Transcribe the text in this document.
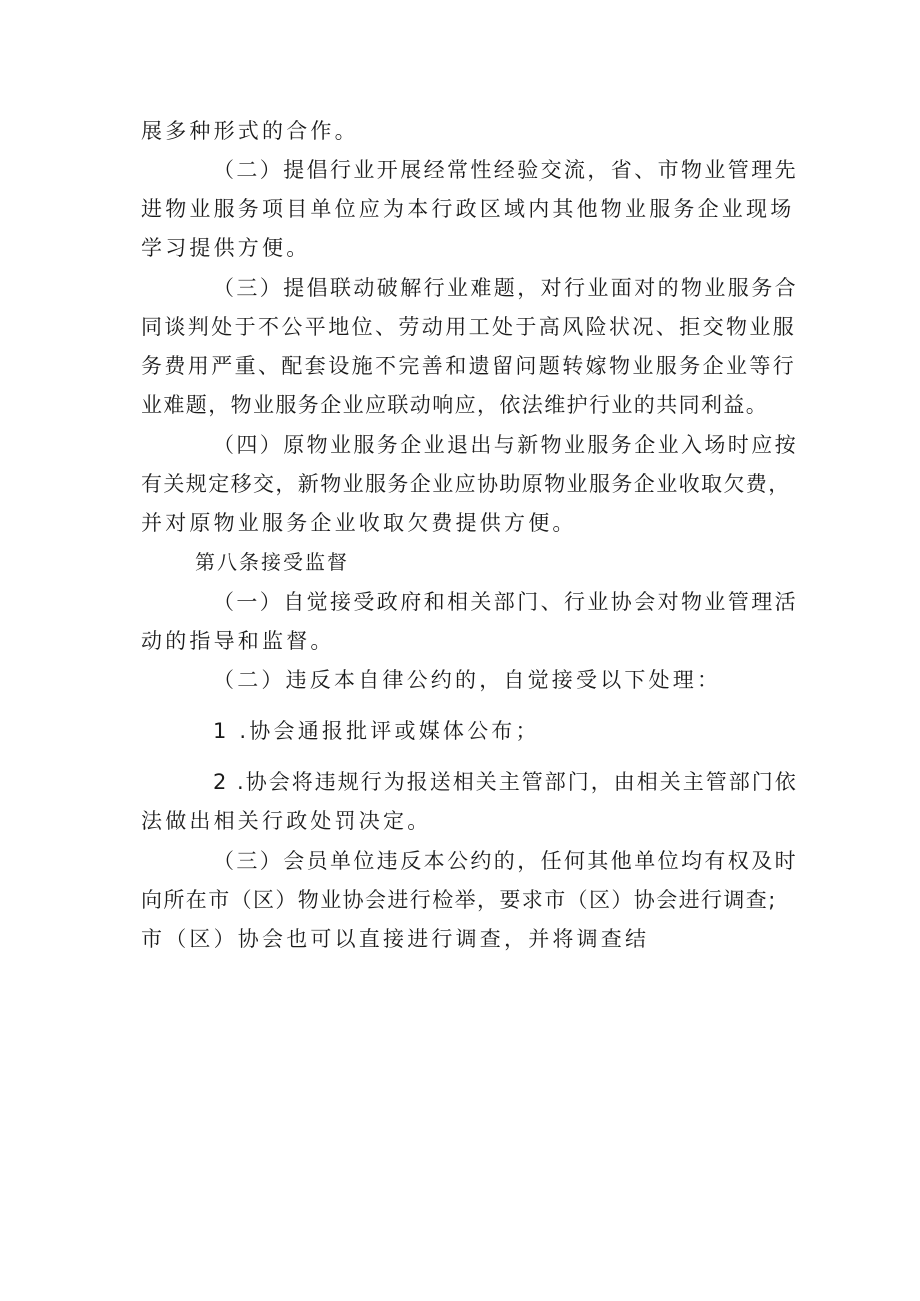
展多种形式的合作。
（二）提倡行业开展经常性经验交流，省、市物业管理先
进物业服务项目单位应为本行政区域内其他物业服务企业现场
学习提供方便。
（三）提倡联动破解行业难题，对行业面对的物业服务合
同谈判处于不公平地位、劳动用工处于高风险状况、拒交物业服
务费用严重、配套设施不完善和遗留问题转嫁物业服务企业等行
业难题，物业服务企业应联动响应，依法维护行业的共同利益。
（四）原物业服务企业退出与新物业服务企业入场时应按
有关规定移交，新物业服务企业应协助原物业服务企业收取欠费，
并对原物业服务企业收取欠费提供方便。
第八条接受监督
（一）自觉接受政府和相关部门、行业协会对物业管理活
动的指导和监督。
（二）违反本自律公约的，自觉接受以下处理：
1 .协会通报批评或媒体公布；
2 .协会将违规行为报送相关主管部门，由相关主管部门依
法做出相关行政处罚决定。
（三）会员单位违反本公约的，任何其他单位均有权及时
向所在市（区）物业协会进行检举，要求市（区）协会进行调查;
市（区）协会也可以直接进行调查，并将调查结
